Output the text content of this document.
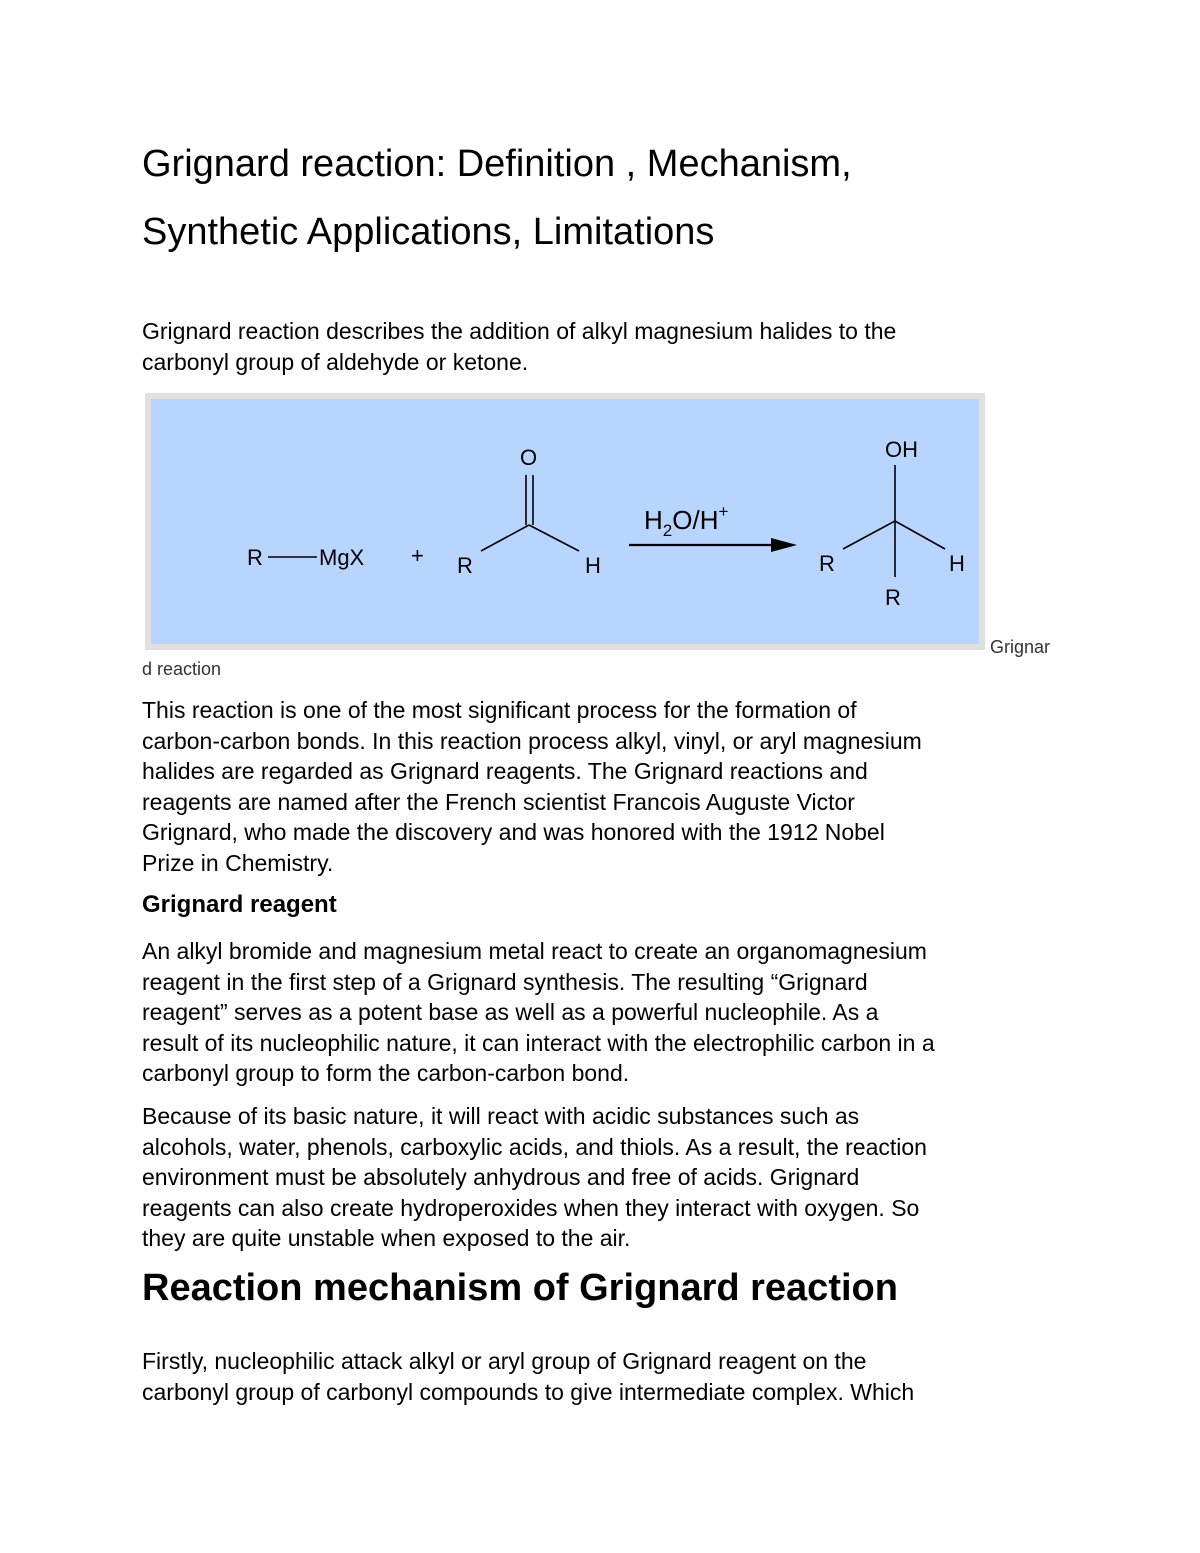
Grignard reaction: Definition , Mechanism,
Synthetic Applications, Limitations
Grignard reaction describes the addition of alkyl magnesium halides to the
carbonyl group of aldehyde or ketone.
R	MgX +
O
R	H
$H_2O/H^+$
OH
R	H
R
Grignar
d reaction
This reaction is one of the most significant process for the formation of
carbon-carbon bonds. In this reaction process alkyl, vinyl, or aryl magnesium
halides are regarded as Grignard reagents. The Grignard reactions and
reagents are named after the French scientist Francois Auguste Victor
Grignard, who made the discovery and was honored with the 1912 Nobel
Prize in Chemistry.
Grignard reagent
An alkyl bromide and magnesium metal react to create an organomagnesium
reagent in the first step of a Grignard synthesis. The resulting “Grignard
reagent” serves as a potent base as well as a powerful nucleophile. As a
result of its nucleophilic nature, it can interact with the electrophilic carbon in a
carbonyl group to form the carbon-carbon bond.
Because of its basic nature, it will react with acidic substances such as
alcohols, water, phenols, carboxylic acids, and thiols. As a result, the reaction
environment must be absolutely anhydrous and free of acids. Grignard
reagents can also create hydroperoxides when they interact with oxygen. So
they are quite unstable when exposed to the air.
Reaction mechanism of Grignard reaction
Firstly, nucleophilic attack alkyl or aryl group of Grignard reagent on the
carbonyl group of carbonyl compounds to give intermediate complex. Which
